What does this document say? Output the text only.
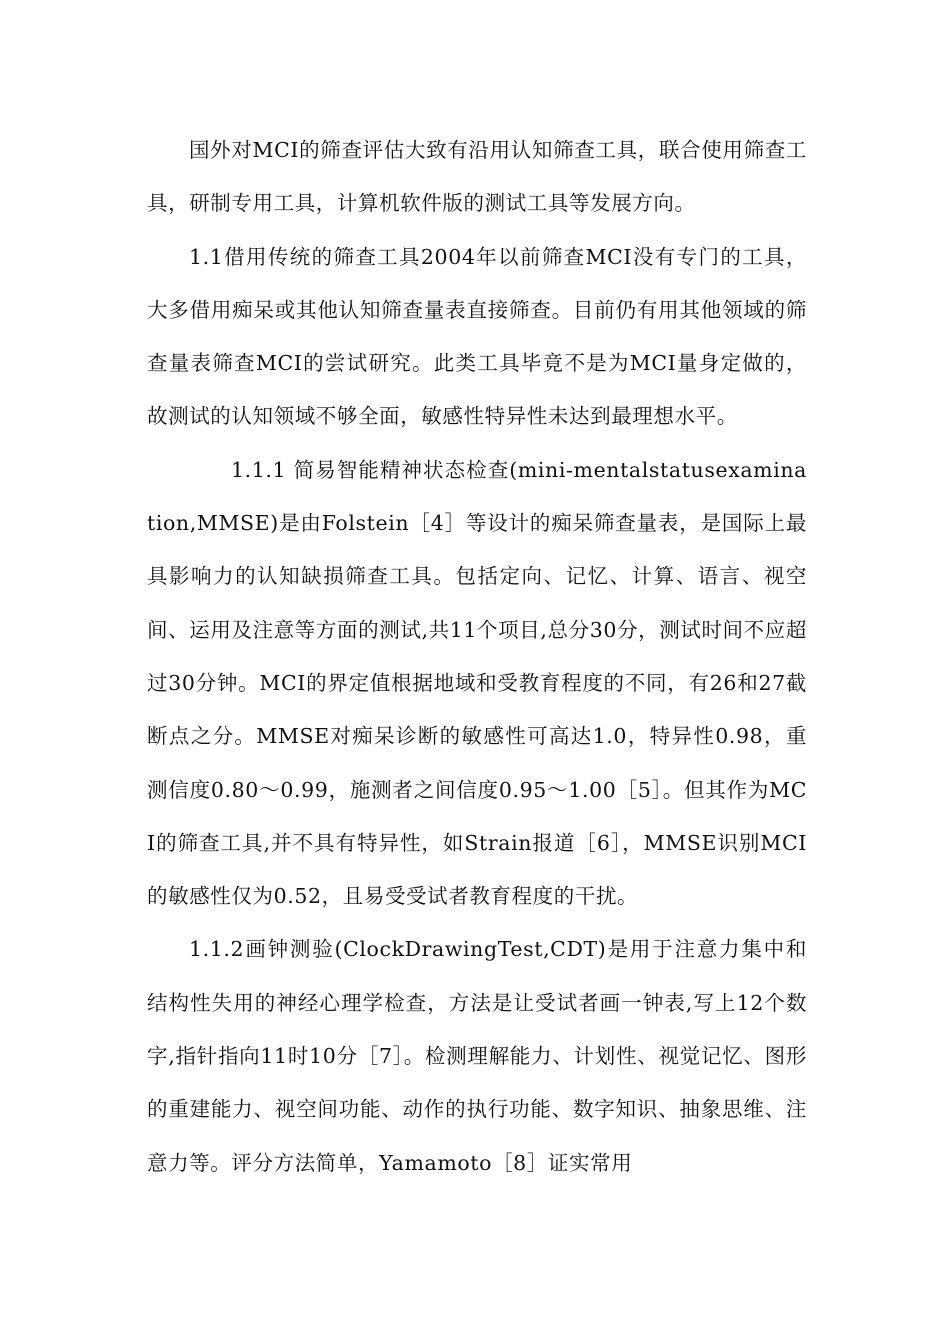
国外对MCI的筛查评估大致有沿用认知筛查工具，联合使用筛查工具，研制专用工具，计算机软件版的测试工具等发展方向。

1.1借用传统的筛查工具2004年以前筛查MCI没有专门的工具，大多借用痴呆或其他认知筛查量表直接筛查。目前仍有用其他领域的筛查量表筛查MCI的尝试研究。此类工具毕竟不是为MCI量身定做的，故测试的认知领域不够全面，敏感性特异性未达到最理想水平。

1.1.1 简易智能精神状态检查(mini-mentalstatusexamination,MMSE)是由Folstein［4］等设计的痴呆筛查量表，是国际上最具影响力的认知缺损筛查工具。包括定向、记忆、计算、语言、视空间、运用及注意等方面的测试,共11个项目,总分30分，测试时间不应超过30分钟。MCI的界定值根据地域和受教育程度的不同，有26和27截断点之分。MMSE对痴呆诊断的敏感性可高达1.0，特异性0.98，重测信度0.80～0.99，施测者之间信度0.95～1.00［5］。但其作为MCI的筛查工具,并不具有特异性，如Strain报道［6］，MMSE识别MCI的敏感性仅为0.52，且易受受试者教育程度的干扰。

1.1.2画钟测验(ClockDrawingTest,CDT)是用于注意力集中和结构性失用的神经心理学检查，方法是让受试者画一钟表,写上12个数字,指针指向11时10分［7］。检测理解能力、计划性、视觉记忆、图形的重建能力、视空间功能、动作的执行功能、数字知识、抽象思维、注意力等。评分方法简单，Yamamoto［8］证实常用
